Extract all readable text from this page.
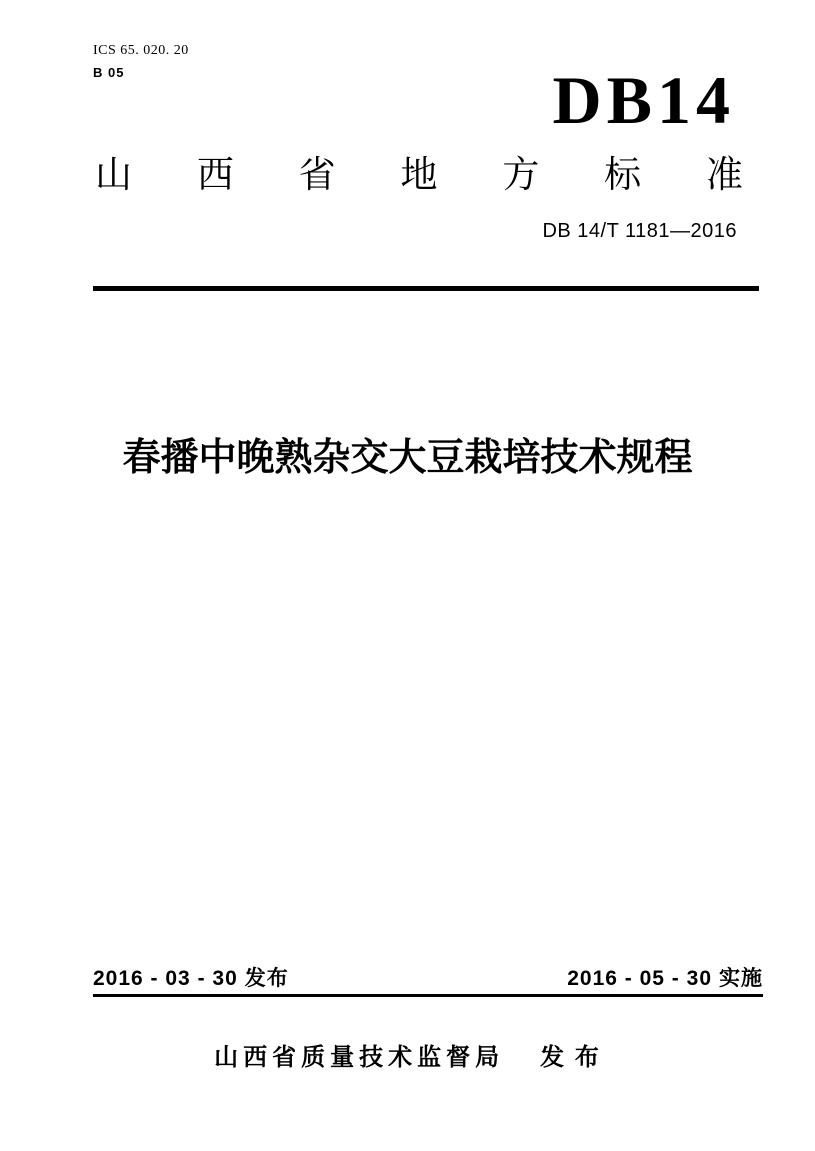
ICS 65. 020. 20
B 05	DB14
山 西 省 地 方 标 准
DB 14/T 1181—2016
春播中晚熟杂交大豆栽培技术规程
2016 - 03 - 30 发布	2016 - 05 - 30 实施
山西省质量技术监督局 发 布
